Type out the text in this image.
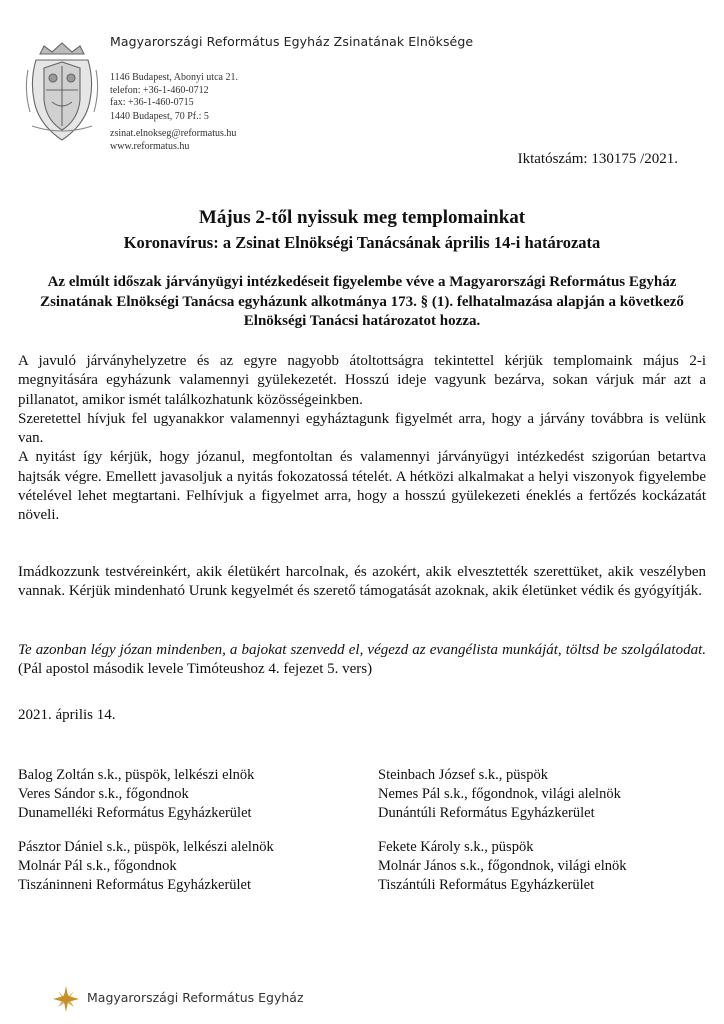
Magyarországi Református Egyház Zsinatának Elnöksége
1146 Budapest, Abonyi utca 21.
telefon: +36-1-460-0712
fax: +36-1-460-0715
1440 Budapest, 70 Pf.: 5
zsinat.elnokseg@reformatus.hu
www.reformatus.hu
Iktatószám: 130175 /2021.
Május 2-től nyissuk meg templomainkat
Koronavírus: a Zsinat Elnökségi Tanácsának április 14-i határozata
Az elmúlt időszak járványügyi intézkedéseit figyelembe véve a Magyarországi Református Egyház Zsinatának Elnökségi Tanácsa egyházunk alkotmánya 173. § (1). felhatalmazása alapján a következő Elnökségi Tanácsi határozatot hozza.
A javuló járványhelyzetre és az egyre nagyobb átoltottságra tekintettel kérjük templomaink május 2-i megnyitására egyházunk valamennyi gyülekezetét. Hosszú ideje vagyunk bezárva, sokan várjuk már azt a pillanatot, amikor ismét találkozhatunk közösségeinkben.
Szeretettel hívjuk fel ugyanakkor valamennyi egyháztagunk figyelmét arra, hogy a járvány továbbra is velünk van.
A nyitást így kérjük, hogy józanul, megfontoltan és valamennyi járványügyi intézkedést szigorúan betartva hajtsák végre. Emellett javasoljuk a nyitás fokozatossá tételét. A hétközi alkalmakat a helyi viszonyok figyelembe vételével lehet megtartani. Felhívjuk a figyelmet arra, hogy a hosszú gyülekezeti éneklés a fertőzés kockázatát növeli.
Imádkozzunk testvéreinkért, akik életükért harcolnak, és azokért, akik elvesztették szerettüket, akik veszélyben vannak. Kérjük mindenható Urunk kegyelmét és szerető támogatását azoknak, akik életünket védik és gyógyítják.
Te azonban légy józan mindenben, a bajokat szenvedd el, végezd az evangélista munkáját, töltsd be szolgálatodat. (Pál apostol második levele Timóteushoz 4. fejezet 5. vers)
2021. április 14.
Balog Zoltán s.k., püspök, lelkészi elnök
Veres Sándor s.k., főgondnok
Dunamelléki Református Egyházkerület
Steinbach József s.k., püspök
Nemes Pál s.k., főgondnok, világi alelnök
Dunántúli Református Egyházkerület
Pásztor Dániel s.k., püspök, lelkészi alelnök
Molnár Pál s.k., főgondnok
Tiszáninneni Református Egyházkerület
Fekete Károly s.k., püspök
Molnár János s.k., főgondnok, világi elnök
Tiszántúli Református Egyházkerület
Magyarországi Református Egyház
